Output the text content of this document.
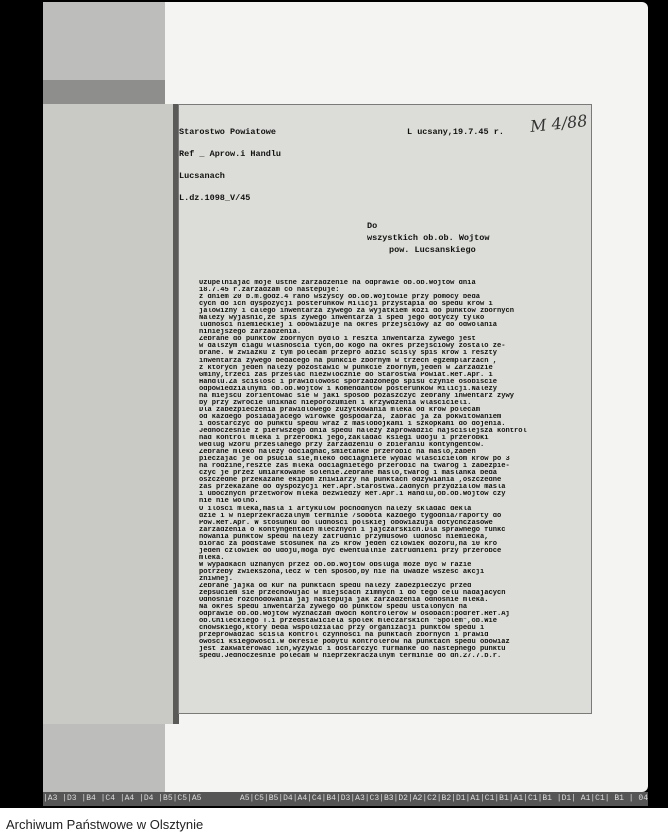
Starostwo Powiatowe
Ref _ Aprow.i Handlu
Lucsanach
L.dz.1098_V/45
L ucsany,19.7.45 r.
Do
wszystkich ob.ob. Wojtow
pow. Lucsanskiego
Uzupelniajac moje ustne zarzadzenie na odprawie ob.ob.Wojtow dnia
18.7.45 r.zarzadzam co nastepuje:
z dniem 20 b.m.godz.4 rano wszyscy ob.ob.Wojtowie przy pomocy beda
cych do ich dyspozycji posterunkow Milicji przystapia do spedu krow i
jalowizny i calego inwentarza zywego za wyjatkiem kozi do punktow zbornych
Nalezy wyjasnic,ze spis zywego inwentarza i sped jego dotyczy tylko
ludnosci niemieckiej i obowiazuje na okres przejsciowy az do odwolania
niniejszego zarzadzenia.
Zebrane do punktow zbornych bydlo i reszta inwentarza zywego jest
w dalszym ciagu wlasnoscia tych,do kogo na okres przejsciowy zostalo ze-
brane. W zwiazku z tym polecam przepro adzic scisly spis krow i reszty
inwentarza zywego bedacego na punkcie zbornym w trzech egzemplarzach ,
z ktorych jeden nalezy pozostawic w punkcie zbornym,jeden w Zarzadzie
Gminy,trzeci zas przeslac niezwlocznie do Starostwa Powiat.Ref.Apr. i
Handlu.Za scislosc i prawidlowosc sporzadzonego spisu czynie osobiscie
odpowiedzialnymi ob.ob.Wojtow i Komendantow posterunkow Milicji.Nalezy
na miejscu zorientowac sie w jaki sposob pozaszczyc zebrany inwentarz zywy
by przy zwrocie uniknac nieporozumien i krzywdzenia wlascicieli.
Dla zabezpieczenia prawidlowego zuzytkowania mleka od krow polecam
od kazdego posiadajacego wirowke gospodarza, zabrac ja za pokwitowaniem
i dostarczyc do punktu spedu wraz z maslobojkami i szkopkami do dojenia.
Jednoczesnie z pierwszego dnia spedu nalezy zaprowadzic najscislejsza kontrol
nad kontrol mleka i przerobki jego,zakladac ksiegi udoju i przerobki
wedlug wzoru przeslanego przy zarzadzeniu o zbieraniu kontyngentow.
Zebrane mleko nalezy odciagnac,smietanke przerobic na maslo,zaben
pieczajac je od psucia sie,mleko odciagniete wydac wlascicielom krow po 3
na rodzine,reszte zas mleka odciagnietego przerobic na twarog i zabezpie-
czyc je przez umiarkowane solenie.Zebrane maslo,twarog i maslanka beda
oszczedne przekazane ekipom zniwiarzy na punktach odzywiania ,oszczedne
zas przekazane do dyspozycji Ref.Apr.Starostwa.Zadnych przydzialow masla
i ubocznych przetworow mleka bezwiedzy Ref.Apr.i Handlu,ob.ob.Wojtow czy
nie nie wolno.
O ilosci mleka,masla i artykulow pochodnych nalezy skladac dekla
dzie i w nieprzekraczalnym terminie /sobota kazdego tygodnia/raporty do
Pow.Ref.Apr. W stosunku do ludnosci polskiej obowiazuja dotychczasowe
zarzadzenia o kontyngentach mlecznych i jajczarskich.Dla sprawnego funkc
nowania punktow spedu nalezy zatrudnic przymusowo ludnosc niemiecka,
biorac za podstawe stosunek na 25 krow jeden czlowiek dozoru,na 10 kro
jeden czlowiek do udoju,moga byc ewentualnie zatrudnieni przy przerobce
mleka.
W wypadkach uznanych przez ob.ob.Wojtow obsluga moze byc w razie
potrzeby zwiekszona,lecz w ten sposob,by nie na uwadze wszesc akcji
zniwnej.
Zebrane jajka od kur na punktach spedu nalezy zabezpieczyc przed
zepsuciem sie przechowujac w miejscach zimnych i do tego celu nadajacych
Odnosnie rozchodowania jaj nastepuja jak zarzadzenia odnosnie mleka.
Na okres spedu inwentarza zywego do punktow spedu ustalonych na
odprawie ob.ob.Wojtow wyznaczam dwoch Kontrolerow w osobach:podref.Ref.Aj
ob.Chileckiego T.i przedstawiciela spolek mleczarskich "Spolem",ob.Wie
chowskiego,ktory beda wspoldzialac przy organizacji punktow spedu i
przeprowadzac scisla kontrol czynnosci na punktach zbornych i prawid
owosci ksiegowosci.W okresie pobytu Kontrolerow na punktach spedu obowiaz
jest zakwaterowac ich,wyzywic i dostarczyc furmanke do nastepnego punktu
spedu.Jednoczesnie polecam w nieprzekraczalnym terminie do dn.27.7.b.r.
M 4/88
|A3 |D3 |B4 |C4 |A4 |D4 |B5|C5|A5	A5|C5|B5|D4|A4|C4|B4|D3|A3|C3|B3|D2|A2|C2|B2|D1|A1|C1|B1|A1|C1|B1 |D1| A1|C1| B1 | 04
Archiwum Państwowe w Olsztynie
